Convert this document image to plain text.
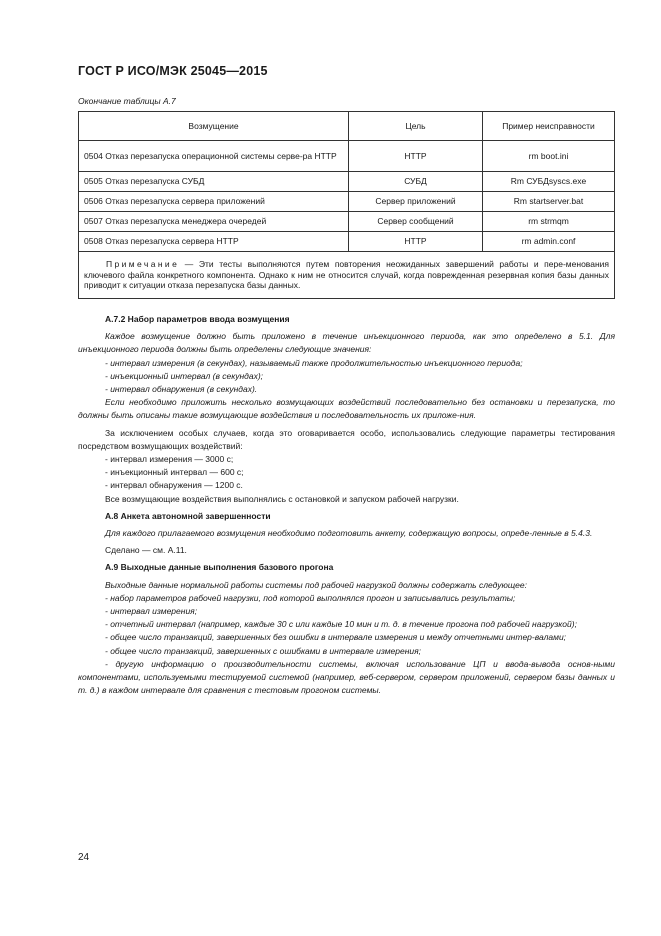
ГОСТ Р ИСО/МЭК 25045—2015
Окончание таблицы А.7
Возмущение	Цель	Пример неисправности
0504 Отказ перезапуска операционной системы серве-ра HTTP	HTTP	rm boot.ini
0505 Отказ перезапуска СУБД	СУБД	Rm СУБДsyscs.exe
0506 Отказ перезапуска сервера приложений	Сервер приложений	Rm startserver.bat
0507 Отказ перезапуска менеджера очередей	Сервер сообщений	rm strmqm
0508 Отказ перезапуска сервера HTTP	HTTP	rm admin.conf
Примечание — Эти тесты выполняются путем повторения неожиданных завершений работы и пере-менования ключевого файла конкретного компонента. Однако к ним не относится случай, когда поврежденная резервная копия базы данных приводит к ситуации отказа перезапуска базы данных.		

А.7.2 Набор параметров ввода возмущения

Каждое возмущение должно быть приложено в течение инъекционного периода, как это определено в 5.1. Для инъекционного периода должны быть определены следующие значения:

- интервал измерения (в секундах), называемый также продолжительностью инъекционного периода;

- инъекционный интервал (в секундах);

- интервал обнаружения (в секундах).

Если необходимо приложить несколько возмущающих воздействий последовательно без остановки и перезапуска, то должны быть описаны такие возмущающие воздействия и последовательность их приложе-ния.

За исключением особых случаев, когда это оговаривается особо, использовались следующие параметры тестирования посредством возмущающих воздействий:

- интервал измерения — 3000 с;

- инъекционный интервал — 600 с;

- интервал обнаружения — 1200 с.

Все возмущающие воздействия выполнялись с остановкой и запуском рабочей нагрузки.

А.8 Анкета автономной завершенности

Для каждого прилагаемого возмущения необходимо подготовить анкету, содержащую вопросы, опреде-ленные в 5.4.3.

Сделано — см. А.11.

А.9 Выходные данные выполнения базового прогона

Выходные данные нормальной работы системы под рабочей нагрузкой должны содержать следующее:

- набор параметров рабочей нагрузки, под которой выполнялся прогон и записывались результаты;

- интервал измерения;

- отчетный интервал (например, каждые 30 с или каждые 10 мин и т. д. в течение прогона под рабочей нагрузкой);

- общее число транзакций, завершенных без ошибки в интервале измерения и между отчетными интер-валами;

- общее число транзакций, завершенных с ошибками в интервале измерения;

- другую информацию о производительности системы, включая использование ЦП и ввода-вывода основ-ными компонентами, используемыми тестируемой системой (например, веб-сервером, сервером приложений, сервером базы данных и т. д.) в каждом интервале для сравнения с тестовым прогоном системы.

24
